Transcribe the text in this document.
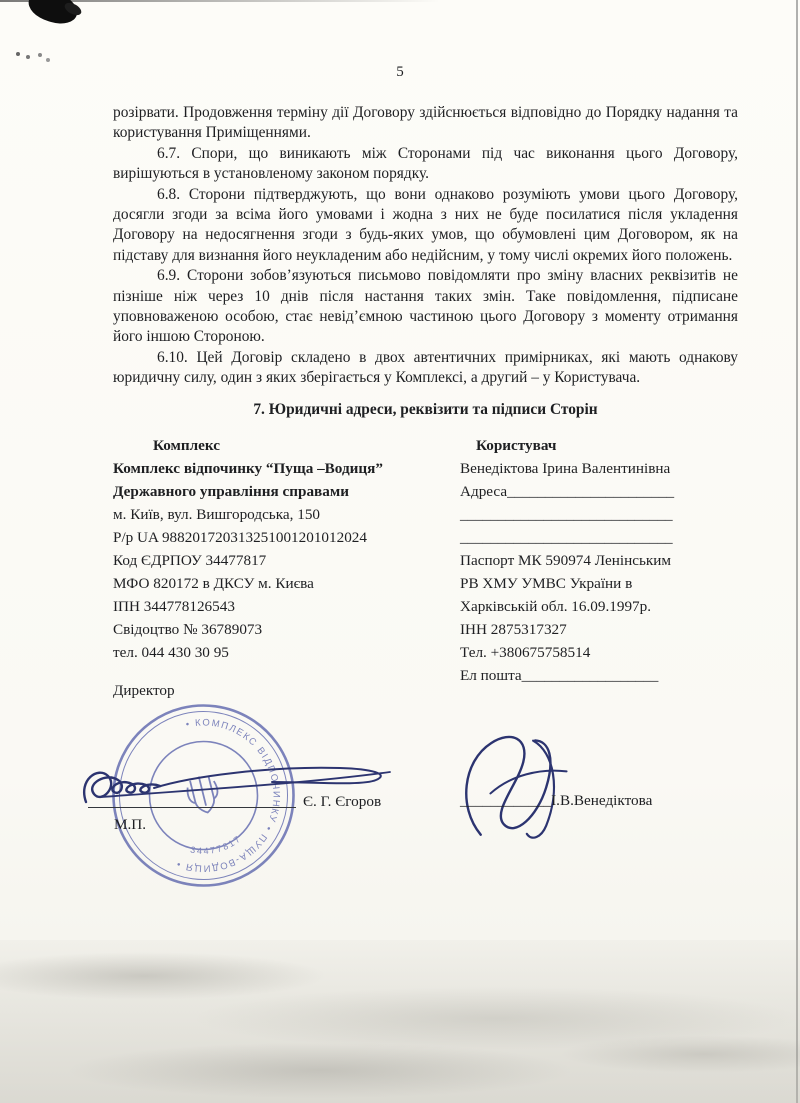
5

розірвати. Продовження терміну дії Договору здійснюється відповідно до Порядку надання та користування Приміщеннями.

6.7. Спори, що виникають між Сторонами під час виконання цього Договору, вирішуються в установленому законом порядку.

6.8. Сторони підтверджують, що вони однаково розуміють умови цього Договору, досягли згоди за всіма його умовами і жодна з них не буде посилатися після укладення Договору на недосягнення згоди з будь-яких умов, що обумовлені цим Договором, як на підставу для визнання його неукладеним або недійсним, у тому числі окремих його положень.

6.9. Сторони зобов’язуються письмово повідомляти про зміну власних реквізитів не пізніше ніж через 10 днів після настання таких змін. Таке повідомлення, підписане уповноваженою особою, стає невід’ємною частиною цього Договору з моменту отримання його іншою Стороною.

6.10. Цей Договір складено в двох автентичних примірниках, які мають однакову юридичну силу, один з яких зберігається у Комплексі, а другий – у Користувача.

7. Юридичні адреси, реквізити та підписи Сторін
Комплекс
Комплекс відпочинку “Пуща –Водиця”
Державного управління справами
м. Київ, вул. Вишгородська, 150
Р/р UA 988201720313251001201012024
Код ЄДРПОУ 34477817
МФО 820172 в ДКСУ м. Києва
ІПН 344778126543
Свідоцтво № 36789073
тел. 044 430 30 95
Директор
Користувач
Венедіктова Ірина Валентинівна
Адреса______________________
____________________________
____________________________
Паспорт МК 590974 Ленінським
РВ ХМУ УМВС України в
Харківській обл. 16.09.1997р.
ІНН 2875317327
Тел. +380675758514
Ел пошта__________________
• КОМПЛЕКС ВІДПОЧИНКУ • ПУЩА-ВОДИЦЯ •
34477817
Є. Г. Єгоров
М.П.
____________І.В.Венедіктова
